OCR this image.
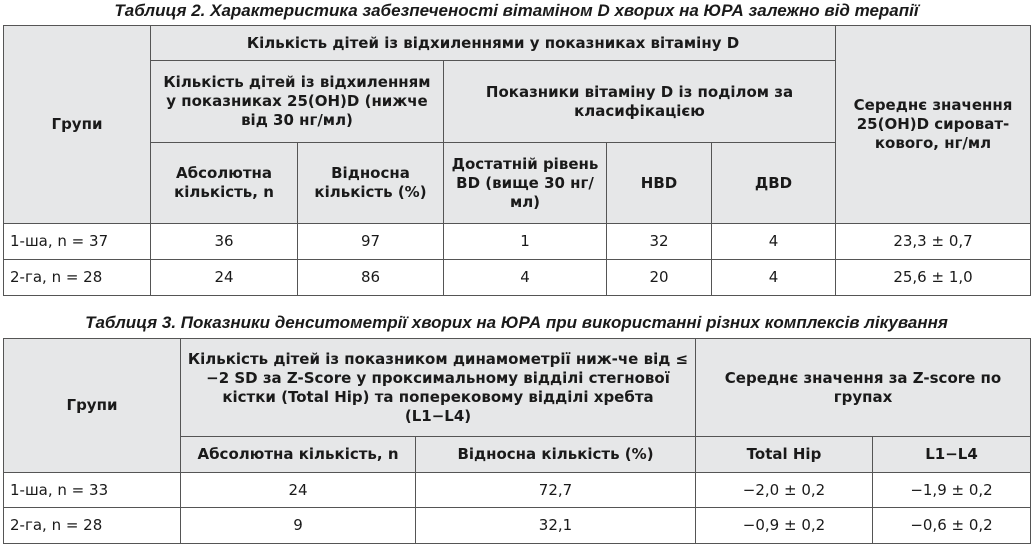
Таблиця 2. Характеристика забезпеченості вітаміном D хворих на ЮРА залежно від терапії
Групи	Кількість дітей із відхиленнями у показниках вітаміну D					Середнє значення 25(OH)D сироват-кового, нг/мл
	Кількість дітей із відхиленням у показниках 25(OH)D (нижче від 30 нг/мл)		Показники вітаміну D із поділом за класифікацією			
	Абсолютна кількість, n	Відносна кількість (%)	Достатній рівень BD (вище 30 нг/мл)	НВD	ДВD	
1-ша, n = 37	36	97	1	32	4	23,3 ± 0,7
2-га, n = 28	24	86	4	20	4	25,6 ± 1,0
Таблиця 3. Показники денситометрії хворих на ЮРА при використанні різних комплексів лікування
Групи	Кількість дітей із показником динамометрії ниж-че від ≤ −2 SD за Z-Score у проксимальному відділі стегнової кістки (Total Hip) та поперековому відділі хребта (L1−L4)		Середнє значення за Z-score по групах	
	Абсолютна кількість, n	Відносна кількість (%)	Total Hip	L1−L4
1-ша, n = 33	24	72,7	−2,0 ± 0,2	−1,9 ± 0,2
2-га, n = 28	9	32,1	−0,9 ± 0,2	−0,6 ± 0,2
